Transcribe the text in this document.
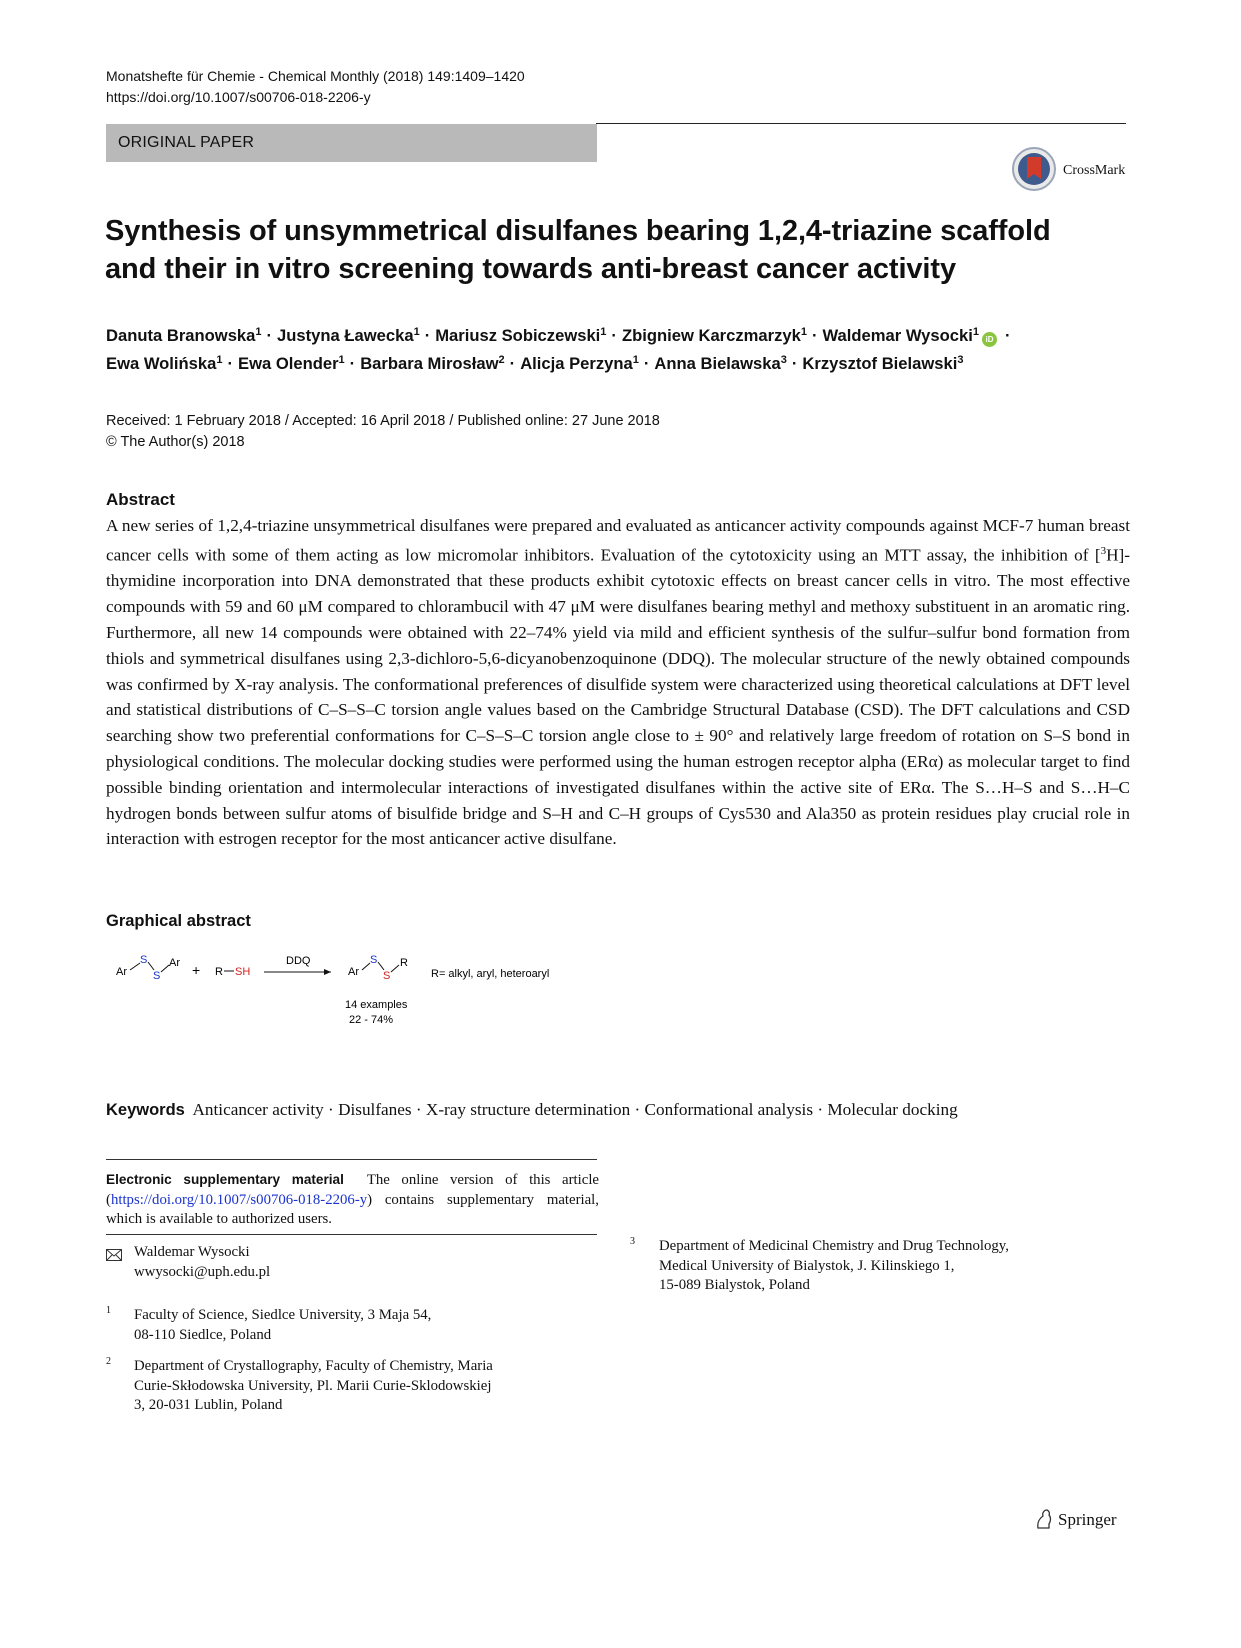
Monatshefte für Chemie - Chemical Monthly (2018) 149:1409–1420
https://doi.org/10.1007/s00706-018-2206-y
ORIGINAL PAPER
CrossMark
Synthesis of unsymmetrical disulfanes bearing 1,2,4-triazine scaffold
and their in vitro screening towards anti-breast cancer activity
Danuta Branowska$^1$ · Justyna Ławecka$^1$ · Mariusz Sobiczewski$^1$ · Zbigniew Karczmarzyk$^1$ · Waldemar Wysocki$^1$iD ·
Ewa Wolińska$^1$ · Ewa Olender$^1$ · Barbara Mirosław$^2$ · Alicja Perzyna$^1$ · Anna Bielawska$^3$ · Krzysztof Bielawski$^3$
Received: 1 February 2018 / Accepted: 16 April 2018 / Published online: 27 June 2018
© The Author(s) 2018
Abstract
A new series of 1,2,4-triazine unsymmetrical disulfanes were prepared and evaluated as anticancer activity compounds against MCF-7 human breast cancer cells with some of them acting as low micromolar inhibitors. Evaluation of the cytotoxicity using an MTT assay, the inhibition of [$^3$H]-thymidine incorporation into DNA demonstrated that these products exhibit cytotoxic effects on breast cancer cells in vitro. The most effective compounds with 59 and 60 μM compared to chlorambucil with 47 μM were disulfanes bearing methyl and methoxy substituent in an aromatic ring. Furthermore, all new 14 compounds were obtained with 22–74% yield via mild and efficient synthesis of the sulfur–sulfur bond formation from thiols and symmetrical disulfanes using 2,3-dichloro-5,6-dicyanobenzoquinone (DDQ). The molecular structure of the newly obtained compounds was confirmed by X-ray analysis. The conformational preferences of disulfide system were characterized using theoretical calculations at DFT level and statistical distributions of C–S–S–C torsion angle values based on the Cambridge Structural Database (CSD). The DFT calculations and CSD searching show two preferential conformations for C–S–S–C torsion angle close to ± 90° and relatively large freedom of rotation on S–S bond in physiological conditions. The molecular docking studies were performed using the human estrogen receptor alpha (ERα) as molecular target to find possible binding orientation and intermolecular interactions of investigated disulfanes within the active site of ERα. The S…H–S and S…H–C hydrogen bonds between sulfur atoms of bisulfide bridge and S–H and C–H groups of Cys530 and Ala350 as protein residues play crucial role in interaction with estrogen receptor for the most anticancer active disulfane.
Graphical abstract
Ar
S
S
Ar + R SH
DDQ
Ar
S
S
R
R= alkyl, aryl, heteroaryl
14 examples
22 - 74%
Keywords Anticancer activity · Disulfanes · X-ray structure determination · Conformational analysis · Molecular docking
Electronic supplementary material The online version of this article (https://doi.org/10.1007/s00706-018-2206-y) contains supplementary material, which is available to authorized users.
Waldemar Wysocki
wwysocki@uph.edu.pl
1 Faculty of Science, Siedlce University, 3 Maja 54,
08-110 Siedlce, Poland
2 Department of Crystallography, Faculty of Chemistry, Maria
Curie-Skłodowska University, Pl. Marii Curie-Sklodowskiej
3, 20-031 Lublin, Poland
3 Department of Medicinal Chemistry and Drug Technology,
Medical University of Bialystok, J. Kilinskiego 1,
15-089 Bialystok, Poland
Springer
